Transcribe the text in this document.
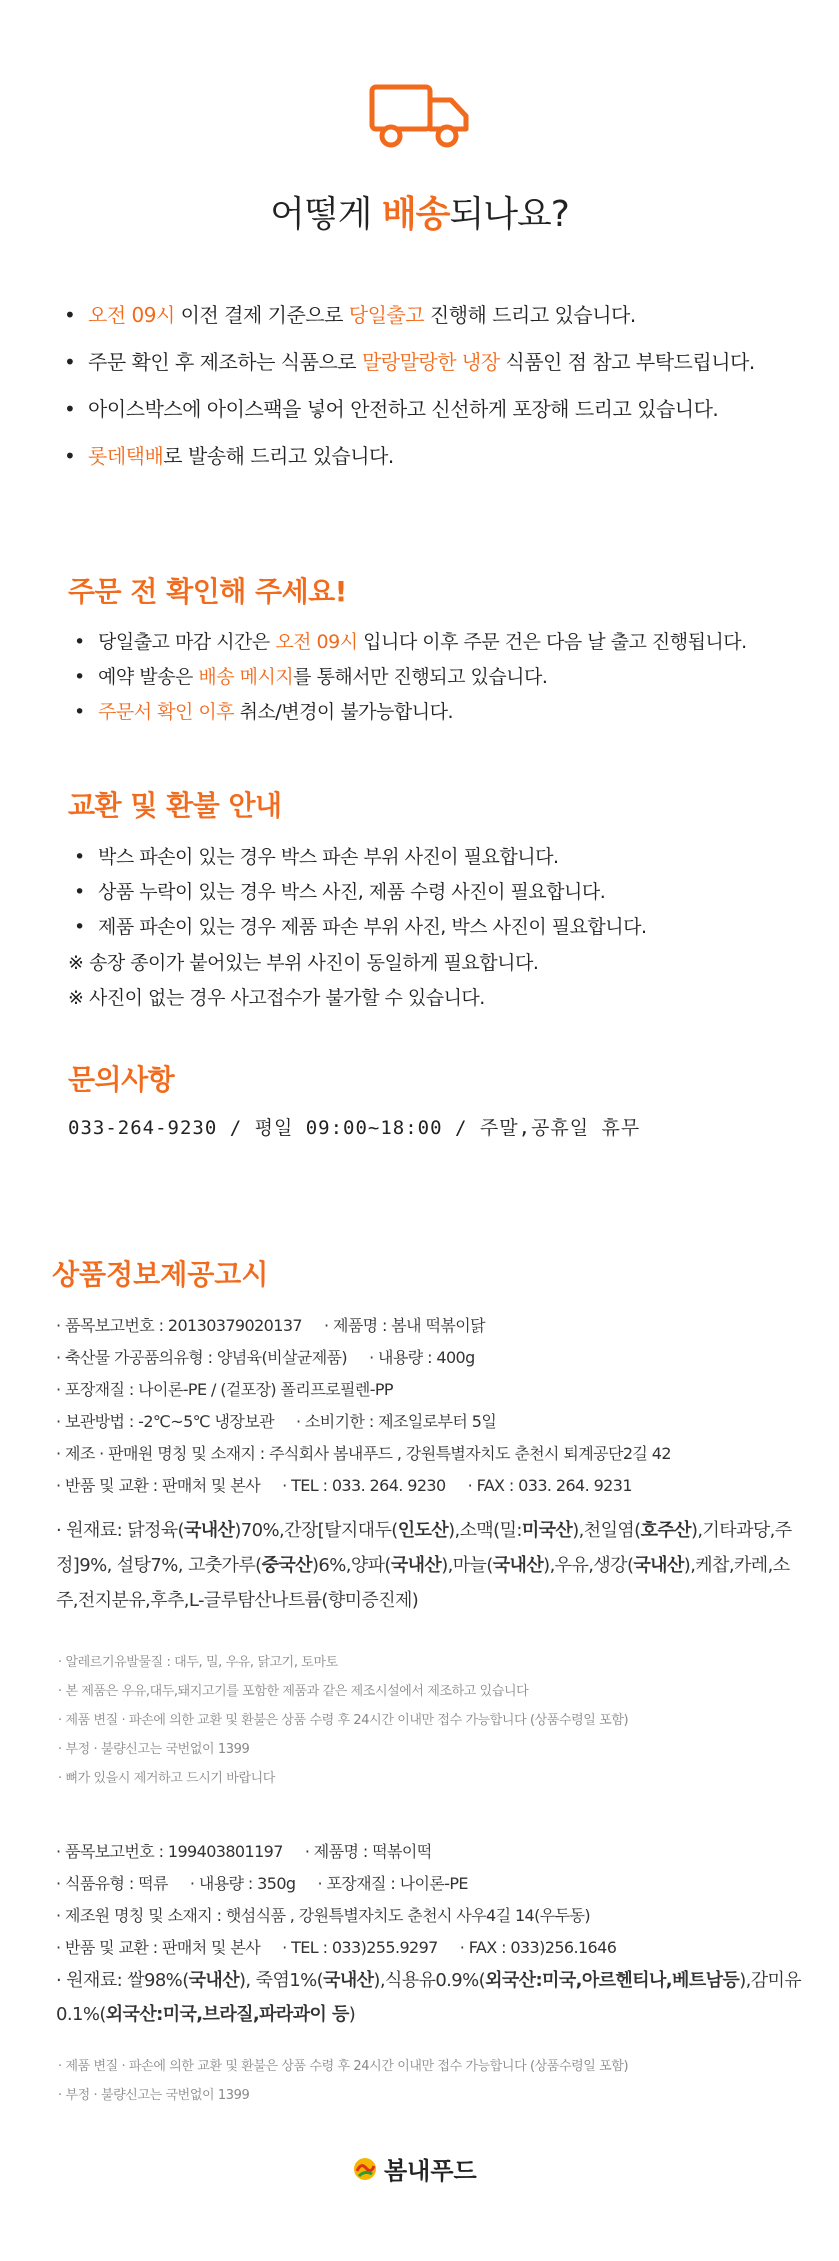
어떻게 배송되나요?
• 오전 09시 이전 결제 기준으로 당일출고 진행해 드리고 있습니다.
• 주문 확인 후 제조하는 식품으로 말랑말랑한 냉장 식품인 점 참고 부탁드립니다.
• 아이스박스에 아이스팩을 넣어 안전하고 신선하게 포장해 드리고 있습니다.
• 롯데택배로 발송해 드리고 있습니다.
주문 전 확인해 주세요!
• 당일출고 마감 시간은 오전 09시 입니다 이후 주문 건은 다음 날 출고 진행됩니다.
• 예약 발송은 배송 메시지를 통해서만 진행되고 있습니다.
• 주문서 확인 이후 취소/변경이 불가능합니다.
교환 및 환불 안내
• 박스 파손이 있는 경우 박스 파손 부위 사진이 필요합니다.
• 상품 누락이 있는 경우 박스 사진, 제품 수령 사진이 필요합니다.
• 제품 파손이 있는 경우 제품 파손 부위 사진, 박스 사진이 필요합니다.
※ 송장 종이가 붙어있는 부위 사진이 동일하게 필요합니다.
※ 사진이 없는 경우 사고접수가 불가할 수 있습니다.
문의사항
033-264-9230 / 평일 09:00~18:00 / 주말,공휴일 휴무
상품정보제공고시
· 품목보고번호 : 2013037902013​7 · 제품명 : 봄내 떡볶이닭
· 축산물 가공품의유형 : 양념육(비살균제품) · 내용량 : 400g
· 포장재질 : 나이론-PE / (겉포장) 폴리프로필렌-PP
· 보관방법 : -2℃~5℃ 냉장보관 · 소비기한 : 제조일로부터 5일
· 제조 · 판매원 명칭 및 소재지 : 주식회사 봄내푸드 , 강원특별자치도 춘천시 퇴계공단2길 42
· 반품 및 교환 : 판매처 및 본사 · TEL : 033. 264. 9230 · FAX : 033. 264. 9231
· 원재료: 닭정육(국내산)70%,간장[탈지대두(인도산),소맥(밀:미국산),천일염(호주산),기타과당,주정]9%, 설탕7%, 고춧가루(중국산)6%,양파(국내산),마늘(국내산),우유,생강(국내산),케찹,카레,소주,전지분유,후추,L-글루탐산나트륨(향미증진제)
· 알레르기유발물질 : 대두, 밀, 우유, 닭고기, 토마토
· 본 제품은 우유,대두,돼지고기를 포함한 제품과 같은 제조시설에서 제조하고 있습니다
· 제품 변질 · 파손에 의한 교환 및 환불은 상품 수령 후 24시간 이내만 접수 가능합니다 (상품수령일 포함)
· 부정 · 불량신고는 국번없이 1399
· 뼈가 있을시 제거하고 드시기 바랍니다
· 품목보고번호 : 199403801197 · 제품명 : 떡볶이떡
· 식품유형 : 떡류 · 내용량 : 350g · 포장재질 : 나이론-PE
· 제조원 명칭 및 소재지 : 햇섬식품 , 강원특별자치도 춘천시 사우4길 14(우두동)
· 반품 및 교환 : 판매처 및 본사 · TEL : 033)255.9297 · FAX : 033)256.1646
· 원재료: 쌀98%(국내산), 죽염1%(국내산),식용유0.9%(외국산:미국,아르헨티나,베트남등),감미유0.1%(외국산:미국,브라질,파라과이 등)
· 제품 변질 · 파손에 의한 교환 및 환불은 상품 수령 후 24시간 이내만 접수 가능합니다 (상품수령일 포함)
· 부정 · 불량신고는 국번없이 1399
봄내푸드
